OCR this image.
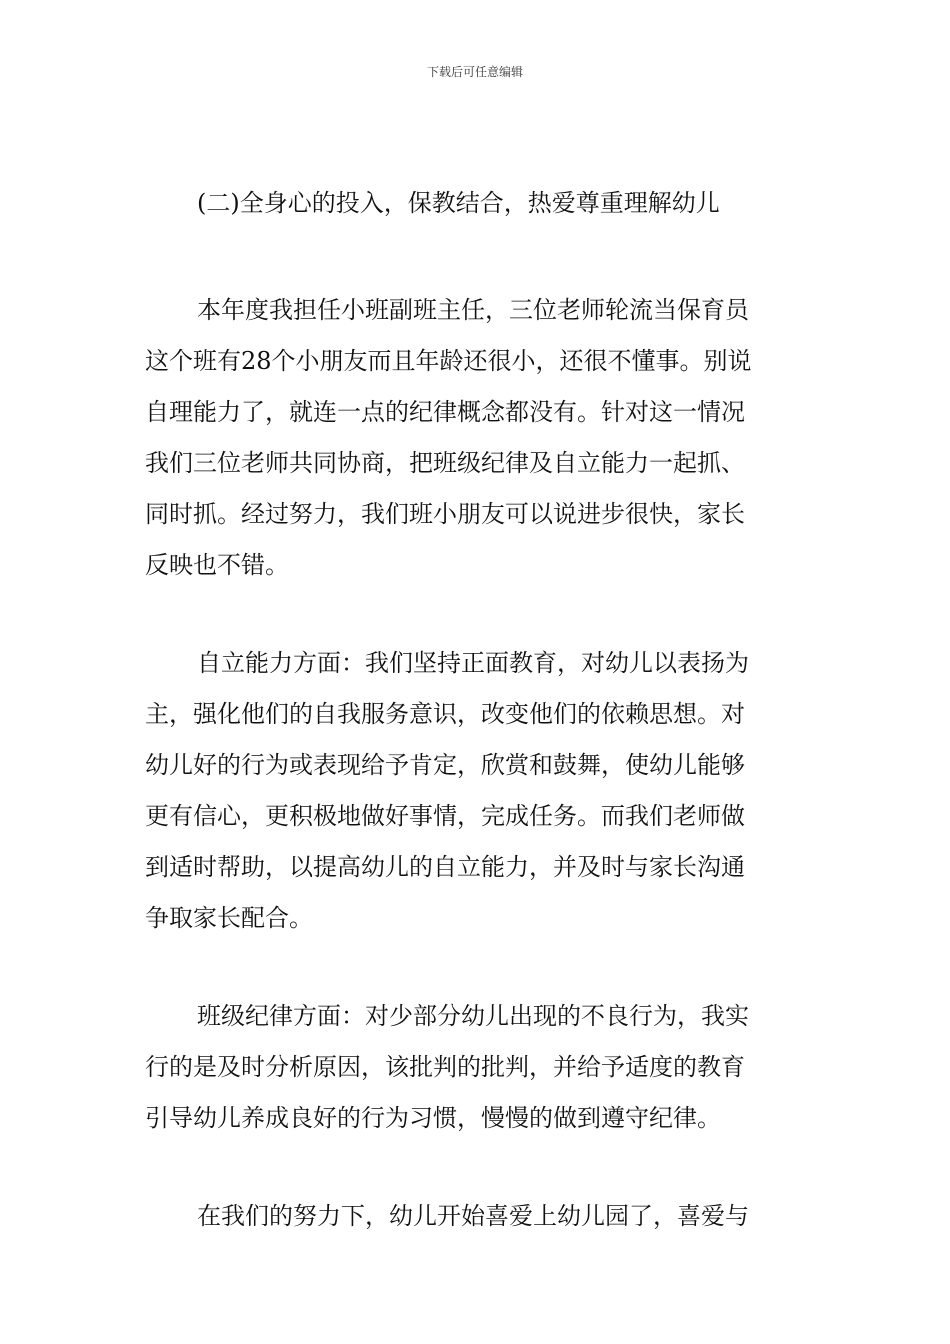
下载后可任意编辑
(二)全身心的投入，保教结合，热爱尊重理解幼儿
本年度我担任小班副班主任，三位老师轮流当保育员
这个班有28个小朋友而且年龄还很小，还很不懂事。别说
自理能力了，就连一点的纪律概念都没有。针对这一情况
我们三位老师共同协商，把班级纪律及自立能力一起抓、
同时抓。经过努力，我们班小朋友可以说进步很快，家长
反映也不错。
自立能力方面：我们坚持正面教育，对幼儿以表扬为
主，强化他们的自我服务意识，改变他们的依赖思想。对
幼儿好的行为或表现给予肯定，欣赏和鼓舞，使幼儿能够
更有信心，更积极地做好事情，完成任务。而我们老师做
到适时帮助，以提高幼儿的自立能力，并及时与家长沟通
争取家长配合。
班级纪律方面：对少部分幼儿出现的不良行为，我实
行的是及时分析原因，该批判的批判，并给予适度的教育
引导幼儿养成良好的行为习惯，慢慢的做到遵守纪律。
在我们的努力下，幼儿开始喜爱上幼儿园了，喜爱与
